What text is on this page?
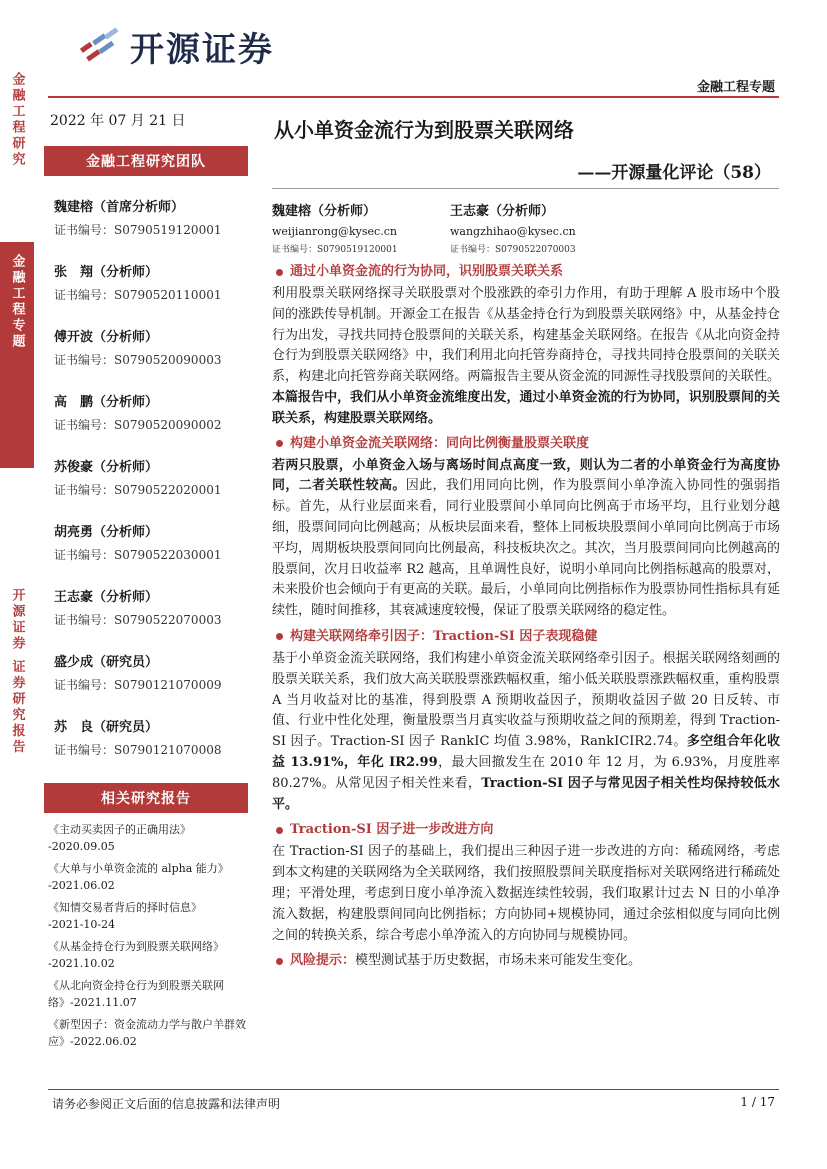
开源证券
金融工程专题
金融工程研究
金融工程专题
开源证券 证券研究报告
2022 年 07 月 21 日
金融工程研究团队
魏建榕（首席分析师）
证书编号：S0790519120001
张　翔（分析师）
证书编号：S0790520110001
傅开波（分析师）
证书编号：S0790520090003
高　鹏（分析师）
证书编号：S0790520090002
苏俊豪（分析师）
证书编号：S0790522020001
胡亮勇（分析师）
证书编号：S0790522030001
王志豪（分析师）
证书编号：S0790522070003
盛少成（研究员）
证书编号：S0790121070009
苏　良（研究员）
证书编号：S0790121070008
相关研究报告
《主动买卖因子的正确用法》
-2020.09.05
《大单与小单资金流的 alpha 能力》
-2021.06.02
《知情交易者背后的择时信息》
-2021-10-24
《从基金持仓行为到股票关联网络》
-2021.10.02
《从北向资金持仓行为到股票关联网络》-2021.11.07
《新型因子：资金流动力学与散户羊群效应》-2022.06.02
从小单资金流行为到股票关联网络
——开源量化评论（58）
魏建榕（分析师）
weijianrong@kysec.cn
证书编号：S0790519120001
王志豪（分析师）
wangzhihao@kysec.cn
证书编号：S0790522070003
通过小单资金流的行为协同，识别股票关联关系
利用股票关联网络探寻关联股票对个股涨跌的牵引力作用，有助于理解 A 股市场中个股间的涨跌传导机制。开源金工在报告《从基金持仓行为到股票关联网络》中，从基金持仓行为出发，寻找共同持仓股票间的关联关系，构建基金关联网络。在报告《从北向资金持仓行为到股票关联网络》中，我们利用北向托管券商持仓，寻找共同持仓股票间的关联关系，构建北向托管券商关联网络。两篇报告主要从资金流的同源性寻找股票间的关联性。本篇报告中，我们从小单资金流维度出发，通过小单资金流的行为协同，识别股票间的关联关系，构建股票关联网络。
构建小单资金流关联网络：同向比例衡量股票关联度
若两只股票，小单资金入场与离场时间点高度一致，则认为二者的小单资金行为高度协同，二者关联性较高。因此，我们用同向比例，作为股票间小单净流入协同性的强弱指标。首先，从行业层面来看，同行业股票间小单同向比例高于市场平均，且行业划分越细，股票间同向比例越高；从板块层面来看，整体上同板块股票间小单同向比例高于市场平均，周期板块股票间同向比例最高，科技板块次之。其次，当月股票间同向比例越高的股票间，次月日收益率 R2 越高，且单调性良好，说明小单同向比例指标越高的股票对，未来股价也会倾向于有更高的关联。最后，小单同向比例指标作为股票协同性指标具有延续性，随时间推移，其衰减速度较慢，保证了股票关联网络的稳定性。
构建关联网络牵引因子：Traction-SI 因子表现稳健
基于小单资金流关联网络，我们构建小单资金流关联网络牵引因子。根据关联网络刻画的股票关联关系，我们放大高关联股票涨跌幅权重，缩小低关联股票涨跌幅权重，重构股票 A 当月收益对比的基准，得到股票 A 预期收益因子，预期收益因子做 20 日反转、市值、行业中性化处理，衡量股票当月真实收益与预期收益之间的预期差，得到 Traction-SI 因子。Traction-SI 因子 RankIC 均值 3.98%，RankICIR2.74。多空组合年化收益 13.91%，年化 IR2.99，最大回撤发生在 2010 年 12 月，为 6.93%，月度胜率 80.27%。从常见因子相关性来看，Traction-SI 因子与常见因子相关性均保持较低水平。
Traction-SI 因子进一步改进方向
在 Traction-SI 因子的基础上，我们提出三种因子进一步改进的方向：稀疏网络，考虑到本文构建的关联网络为全关联网络，我们按照股票间关联度指标对关联网络进行稀疏处理；平滑处理，考虑到日度小单净流入数据连续性较弱，我们取累计过去 N 日的小单净流入数据，构建股票间同向比例指标；方向协同+规模协同，通过余弦相似度与同向比例之间的转换关系，综合考虑小单净流入的方向协同与规模协同。
风险提示： 模型测试基于历史数据，市场未来可能发生变化。
请务必参阅正文后面的信息披露和法律声明	1 / 17
